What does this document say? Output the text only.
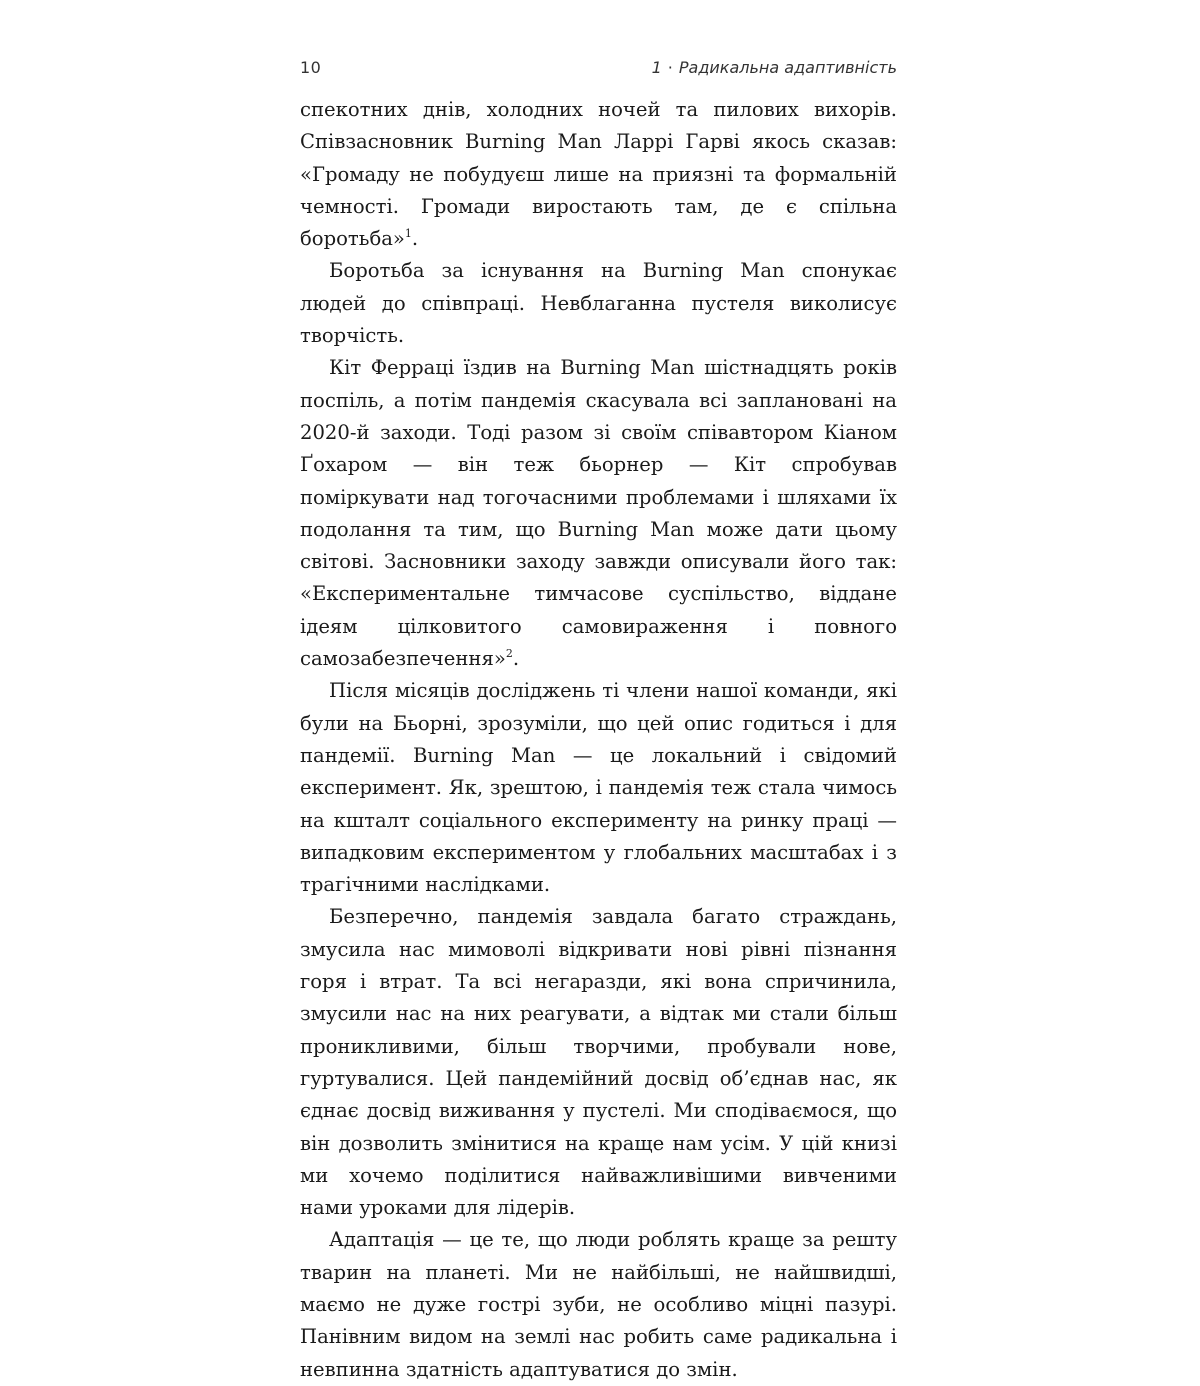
10	1 · Радикальна адаптивність

спекотних днів, холодних ночей та пилових вихорів. Співзасновник Burning Man Ларрі Гарві якось сказав: «Громаду не побудуєш лише на приязні та формальній чемності. Громади виростають там, де є спільна боротьба»$^1$.

Боротьба за існування на Burning Man спонукає людей до співпраці. Невблаганна пустеля виколисує творчість.

Кіт Ферраці їздив на Burning Man шістнадцять років поспіль, а потім пандемія скасувала всі заплановані на 2020-й заходи. Тоді разом зі своїм співавтором Кіаном Ґохаром — він теж бьорнер — Кіт спробував поміркувати над тогочасними проблемами і шляхами їх подолання та тим, що Burning Man може дати цьому світові. Засновники заходу завжди описували його так: «Експериментальне тимчасове суспільство, віддане ідеям цілковитого самовираження і повного самозабезпечення»$^2$.

Після місяців досліджень ті члени нашої команди, які були на Бьорні, зрозуміли, що цей опис годиться і для пандемії. Burning Man — це локальний і свідомий експеримент. Як, зрештою, і пандемія теж стала чимось на кшталт соціального експерименту на ринку праці — випадковим експериментом у глобальних масштабах і з трагічними наслідками.

Безперечно, пандемія завдала багато страждань, змусила нас мимоволі відкривати нові рівні пізнання горя і втрат. Та всі негаразди, які вона спричинила, змусили нас на них реагувати, а відтак ми стали більш проникливими, більш творчими, пробували нове, гуртувалися. Цей пандемійний досвід об’єднав нас, як єднає досвід виживання у пустелі. Ми сподіваємося, що він дозволить змінитися на краще нам усім. У цій книзі ми хочемо поділитися найважливішими вивченими нами уроками для лідерів.

Адаптація — це те, що люди роблять краще за решту тварин на планеті. Ми не найбільші, не найшвидші, маємо не дуже гострі зуби, не особливо міцні пазурі. Панівним видом на землі нас робить саме радикальна і невпинна здатність адаптуватися до змін.
